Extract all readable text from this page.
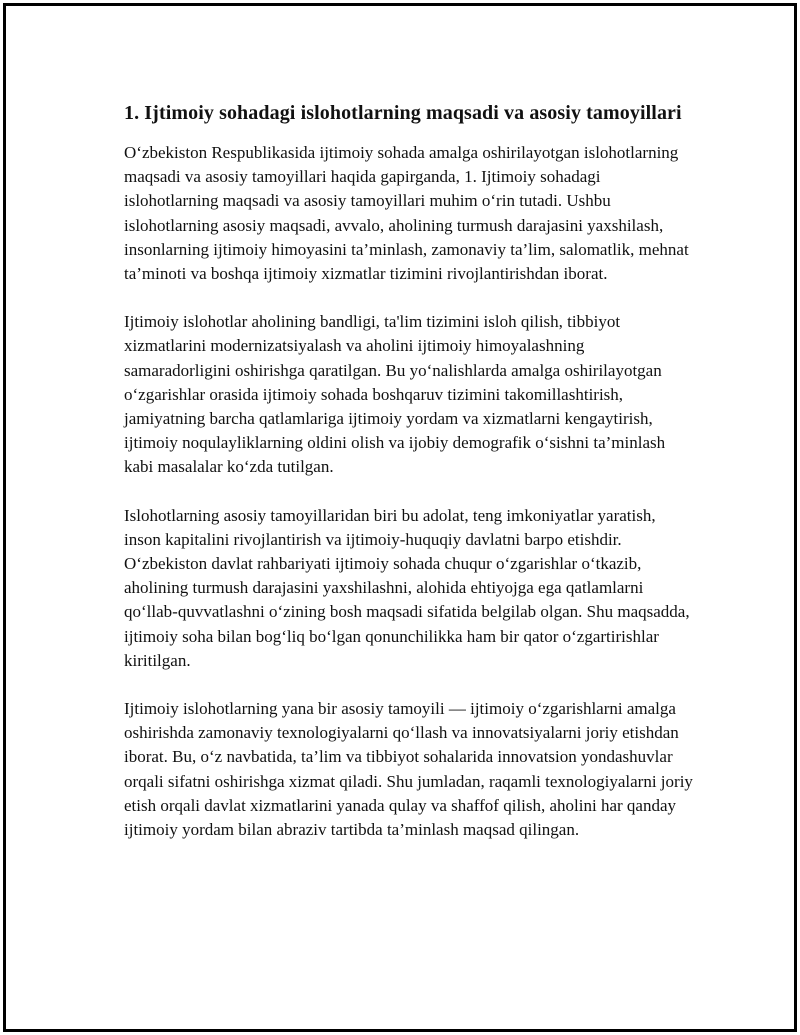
1. Ijtimoiy sohadagi islohotlarning maqsadi va asosiy tamoyillari

O‘zbekiston Respublikasida ijtimoiy sohada amalga oshirilayotgan islohotlarning maqsadi va asosiy tamoyillari haqida gapirganda, 1. Ijtimoiy sohadagi islohotlarning maqsadi va asosiy tamoyillari muhim o‘rin tutadi. Ushbu islohotlarning asosiy maqsadi, avvalo, aholining turmush darajasini yaxshilash, insonlarning ijtimoiy himoyasini ta’minlash, zamonaviy ta’lim, salomatlik, mehnat ta’minoti va boshqa ijtimoiy xizmatlar tizimini rivojlantirishdan iborat.

Ijtimoiy islohotlar aholining bandligi, ta'lim tizimini isloh qilish, tibbiyot xizmatlarini modernizatsiyalash va aholini ijtimoiy himoyalashning samaradorligini oshirishga qaratilgan. Bu yo‘nalishlarda amalga oshirilayotgan o‘zgarishlar orasida ijtimoiy sohada boshqaruv tizimini takomillashtirish, jamiyatning barcha qatlamlariga ijtimoiy yordam va xizmatlarni kengaytirish, ijtimoiy noqulayliklarning oldini olish va ijobiy demografik o‘sishni ta’minlash kabi masalalar ko‘zda tutilgan.

Islohotlarning asosiy tamoyillaridan biri bu adolat, teng imkoniyatlar yaratish, inson kapitalini rivojlantirish va ijtimoiy-huquqiy davlatni barpo etishdir. O‘zbekiston davlat rahbariyati ijtimoiy sohada chuqur o‘zgarishlar o‘tkazib, aholining turmush darajasini yaxshilashni, alohida ehtiyojga ega qatlamlarni qo‘llab-quvvatlashni o‘zining bosh maqsadi sifatida belgilab olgan. Shu maqsadda, ijtimoiy soha bilan bog‘liq bo‘lgan qonunchilikka ham bir qator o‘zgartirishlar kiritilgan.

Ijtimoiy islohotlarning yana bir asosiy tamoyili — ijtimoiy o‘zgarishlarni amalga oshirishda zamonaviy texnologiyalarni qo‘llash va innovatsiyalarni joriy etishdan iborat. Bu, o‘z navbatida, ta’lim va tibbiyot sohalarida innovatsion yondashuvlar orqali sifatni oshirishga xizmat qiladi. Shu jumladan, raqamli texnologiyalarni joriy etish orqali davlat xizmatlarini yanada qulay va shaffof qilish, aholini har qanday ijtimoiy yordam bilan abraziv tartibda ta’minlash maqsad qilingan.
